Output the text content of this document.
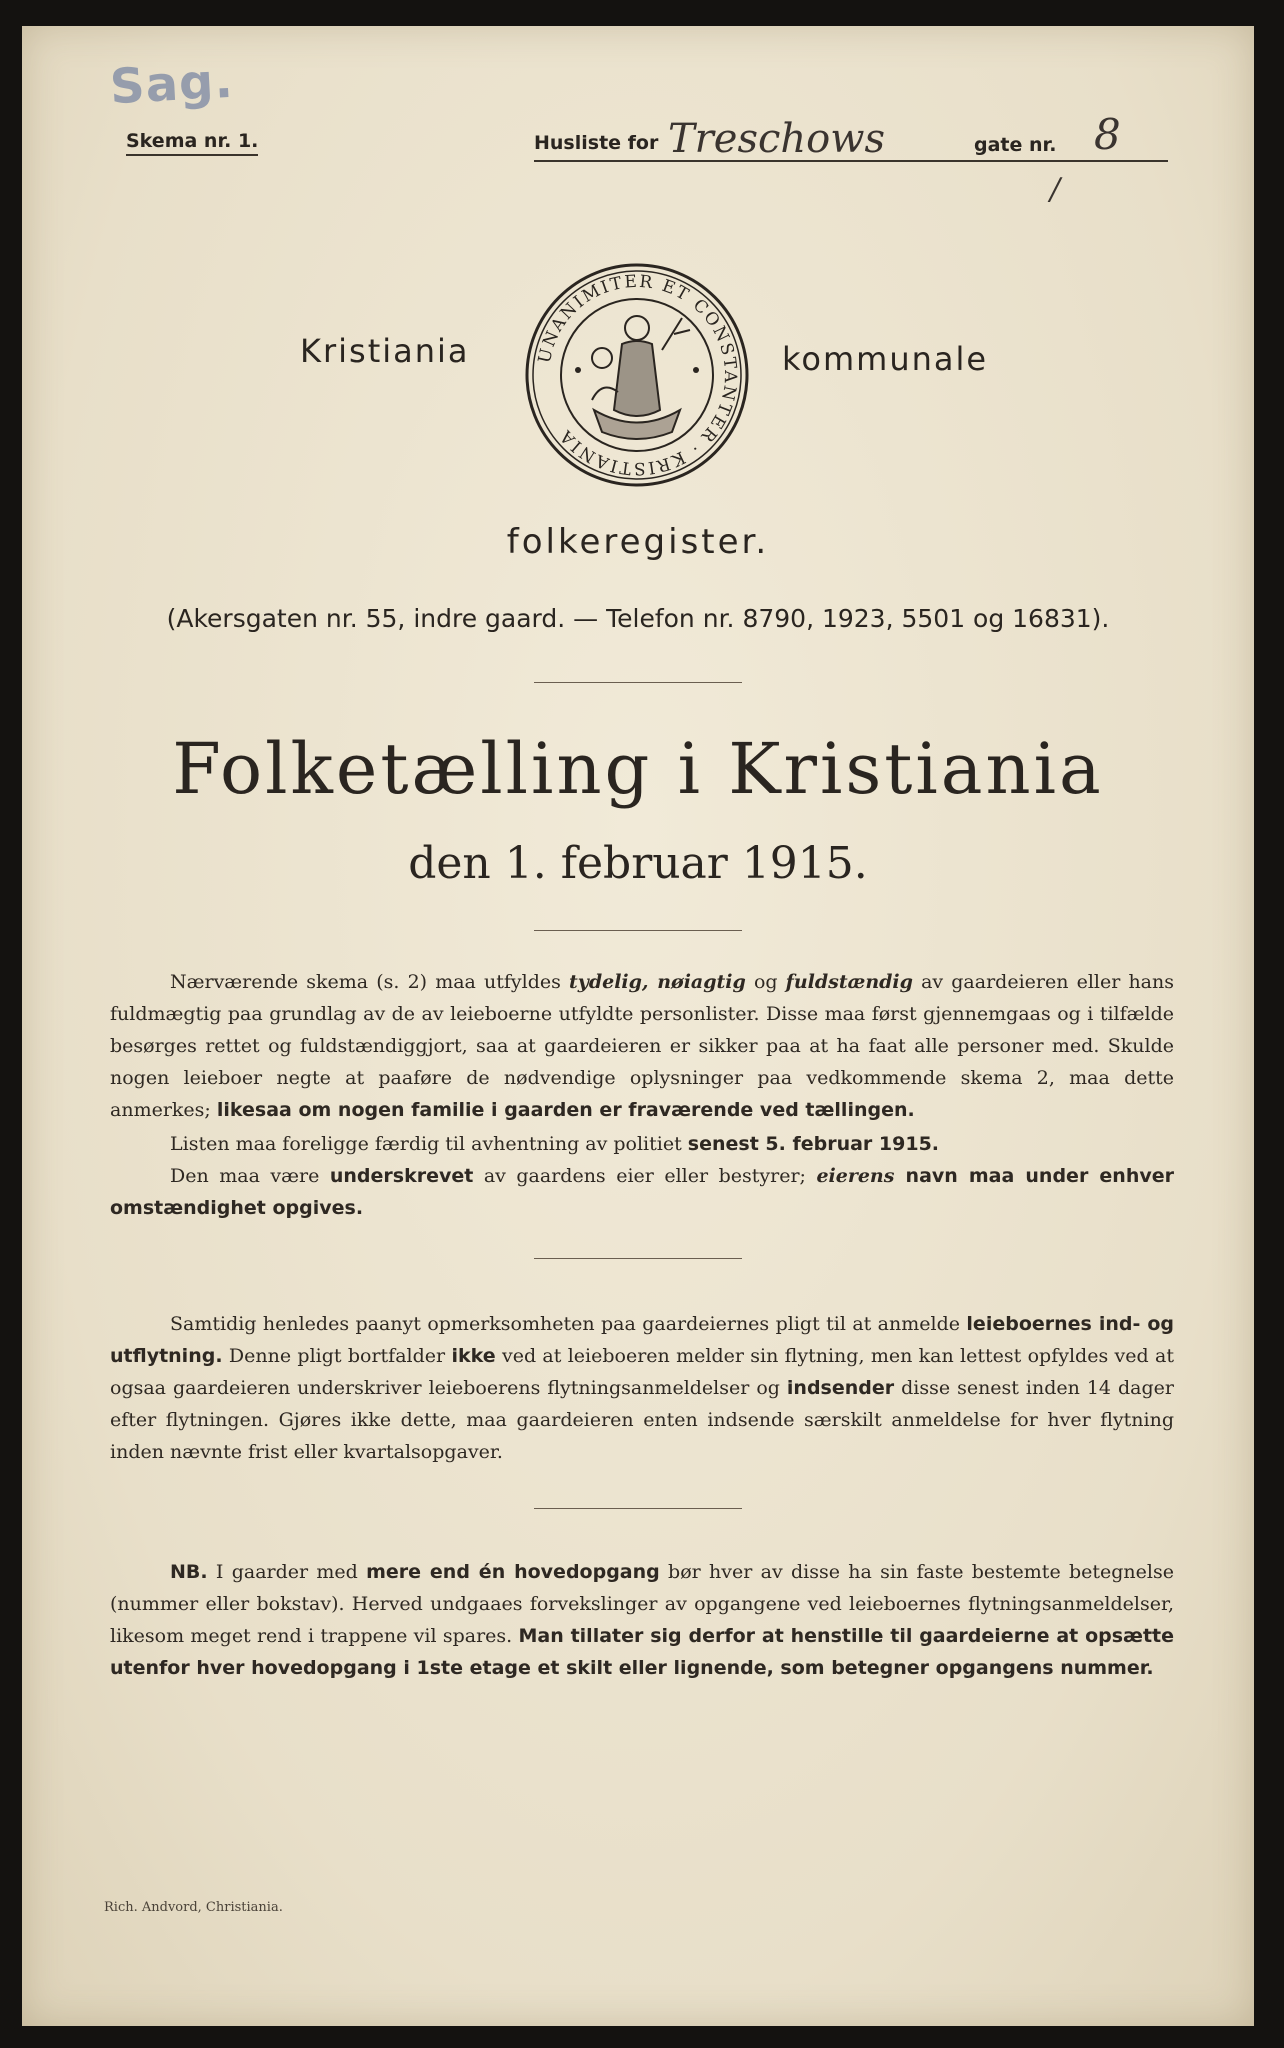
Sag.
Skema nr. 1.	Husliste for Treschows	gate nr. 8
/
Kristiania	UNANIMITER ET CONSTANTER · KRISTIANIA
kommunale
folkeregister.
(Akersgaten nr. 55, indre gaard. — Telefon nr. 8790, 1923, 5501 og 16831).
Folketælling i Kristiania
den 1. februar 1915.
Nærværende skema (s. 2) maa utfyldes tydelig, nøiagtig og fuldstændig av gaardeieren eller hans fuldmægtig paa grundlag av de av leieboerne utfyldte personlister. Disse maa først gjennemgaas og i tilfælde besørges rettet og fuldstændiggjort, saa at gaardeieren er sikker paa at ha faat alle personer med. Skulde nogen leieboer negte at paaføre de nødvendige oplysninger paa vedkommende skema 2, maa dette anmerkes; likesaa om nogen familie i gaarden er fraværende ved tællingen.
Listen maa foreligge færdig til avhentning av politiet senest 5. februar 1915.
Den maa være underskrevet av gaardens eier eller bestyrer; eierens navn maa under enhver omstændighet opgives.
Samtidig henledes paanyt opmerksomheten paa gaardeiernes pligt til at anmelde leieboernes ind- og utflytning. Denne pligt bortfalder ikke ved at leieboeren melder sin flytning, men kan lettest opfyldes ved at ogsaa gaardeieren underskriver leieboerens flytningsanmeldelser og indsender disse senest inden 14 dager efter flytningen. Gjøres ikke dette, maa gaardeieren enten indsende særskilt anmeldelse for hver flytning inden nævnte frist eller kvartalsopgaver.
NB. I gaarder med mere end én hovedopgang bør hver av disse ha sin faste bestemte betegnelse (nummer eller bokstav). Herved undgaaes forvekslinger av opgangene ved leieboernes flytningsanmeldelser, likesom meget rend i trappene vil spares. Man tillater sig derfor at henstille til gaardeierne at opsætte utenfor hver hovedopgang i 1ste etage et skilt eller lignende, som betegner opgangens nummer.
Rich. Andvord, Christiania.
